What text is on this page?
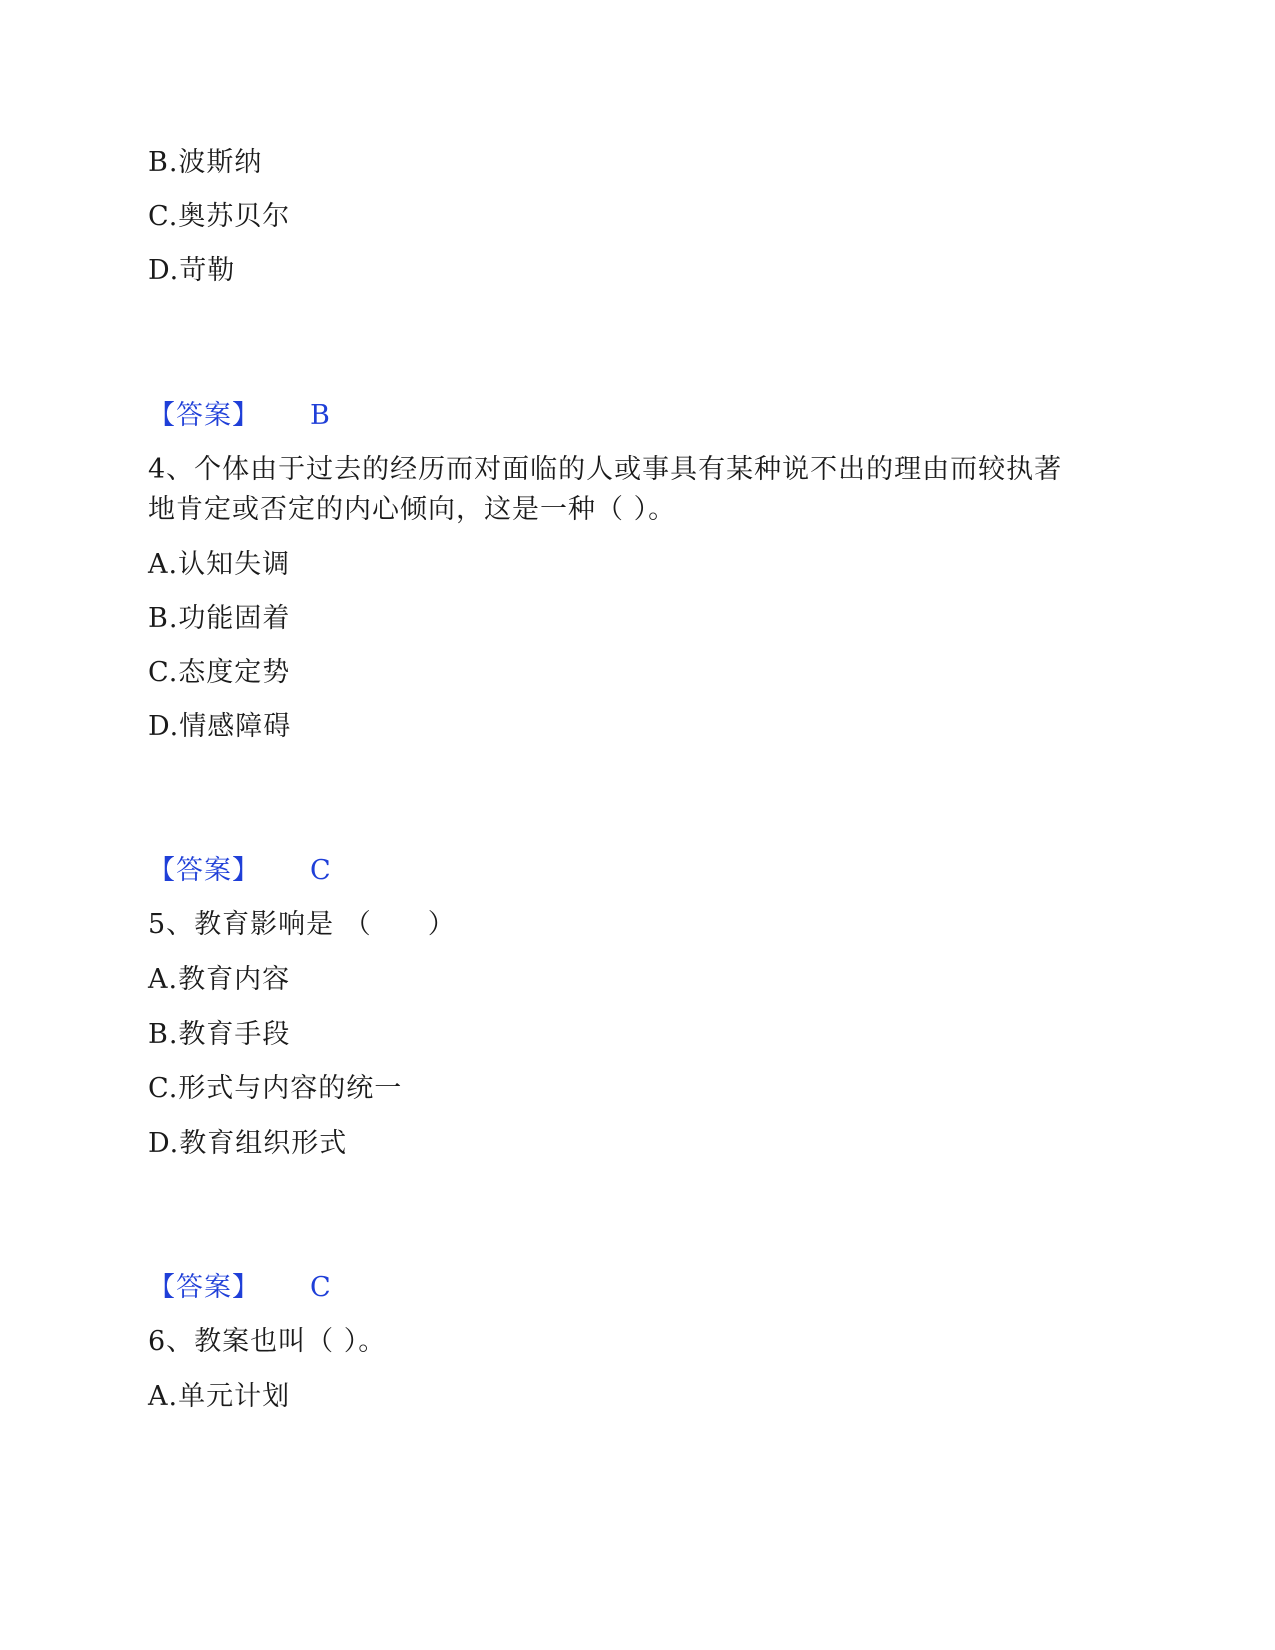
B.波斯纳
C.奥苏贝尔
D.苛勒
【答案】 B
4、个体由于过去的经历而对面临的人或事具有某种说不出的理由而较执著
地肯定或否定的内心倾向，这是一种（ ）。
A.认知失调
B.功能固着
C.态度定势
D.情感障碍
【答案】 C
5、教育影响是 （　　）
A.教育内容
B.教育手段
C.形式与内容的统一
D.教育组织形式
【答案】 C
6、教案也叫（ ）。
A.单元计划
